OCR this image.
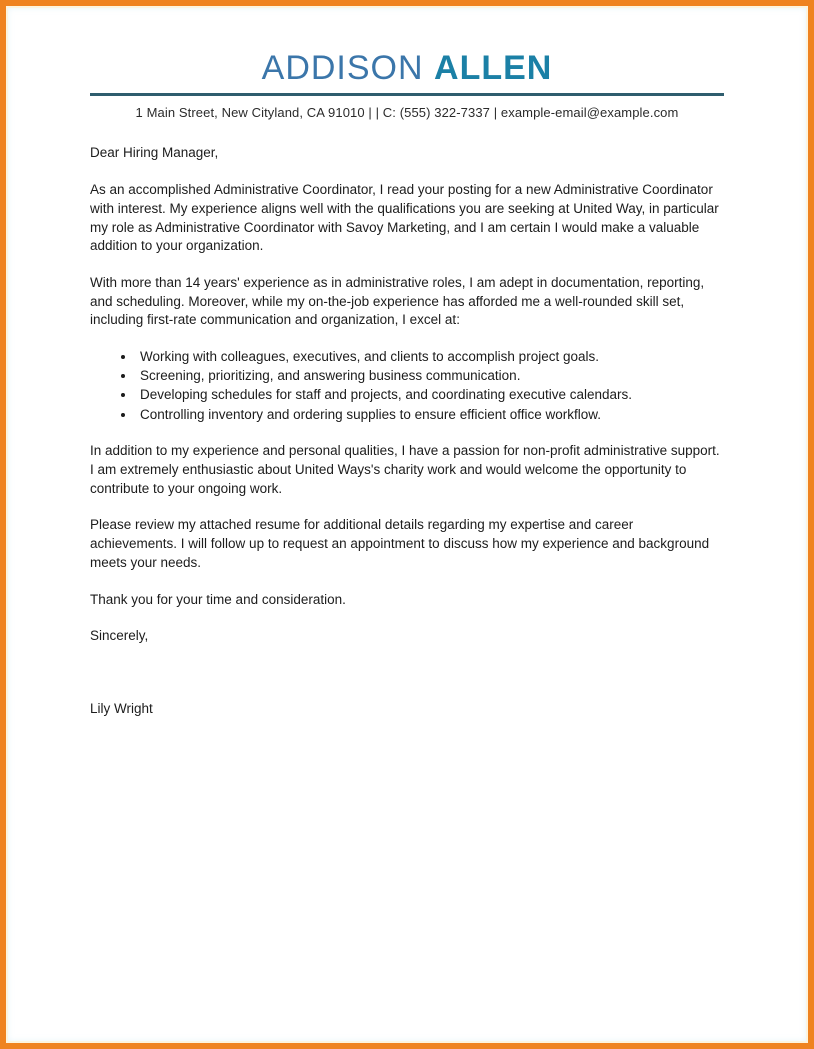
ADDISON ALLEN
1 Main Street, New Cityland, CA 91010 | | C: (555) 322-7337 | example-email@example.com

Dear Hiring Manager,

As an accomplished Administrative Coordinator, I read your posting for a new Administrative Coordinator with interest. My experience aligns well with the qualifications you are seeking at United Way, in particular my role as Administrative Coordinator with Savoy Marketing, and I am certain I would make a valuable addition to your organization.

With more than 14 years' experience as in administrative roles, I am adept in documentation, reporting, and scheduling. Moreover, while my on-the-job experience has afforded me a well-rounded skill set, including first-rate communication and organization, I excel at:

• Working with colleagues, executives, and clients to accomplish project goals.
• Screening, prioritizing, and answering business communication.
• Developing schedules for staff and projects, and coordinating executive calendars.
• Controlling inventory and ordering supplies to ensure efficient office workflow.

In addition to my experience and personal qualities, I have a passion for non-profit administrative support. I am extremely enthusiastic about United Ways's charity work and would welcome the opportunity to contribute to your ongoing work.

Please review my attached resume for additional details regarding my expertise and career achievements. I will follow up to request an appointment to discuss how my experience and background meets your needs.

Thank you for your time and consideration.

Sincerely,

Lily Wright
